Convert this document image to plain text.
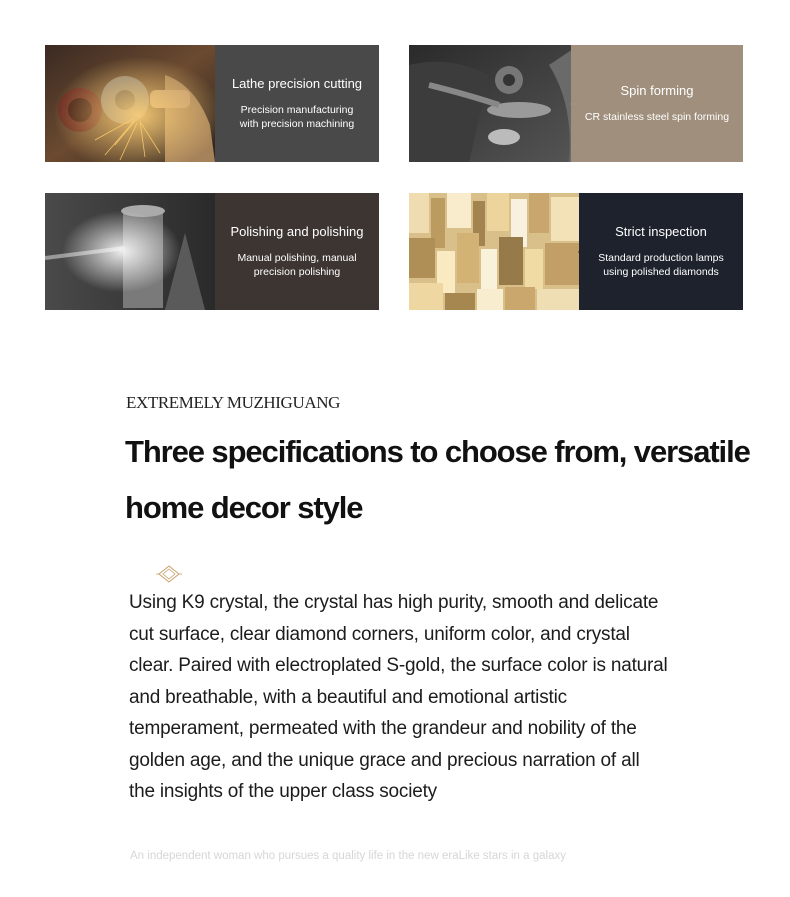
Lathe precision cutting
Precision manufacturing with precision machining
Spin forming
CR stainless steel spin forming
Polishing and polishing
Manual polishing, manual precision polishing
Strict inspection
Standard production lamps using polished diamonds
EXTREMELY MUZHIGUANG
Three specifications to choose from, versatile home decor style
Using K9 crystal, the crystal has high purity, smooth and delicate cut surface, clear diamond corners, uniform color, and crystal clear. Paired with electroplated S-gold, the surface color is natural and breathable, with a beautiful and emotional artistic temperament, permeated with the grandeur and nobility of the golden age, and the unique grace and precious narration of all the insights of the upper class society
An independent woman who pursues a quality life in the new eraLike stars in a galaxy
